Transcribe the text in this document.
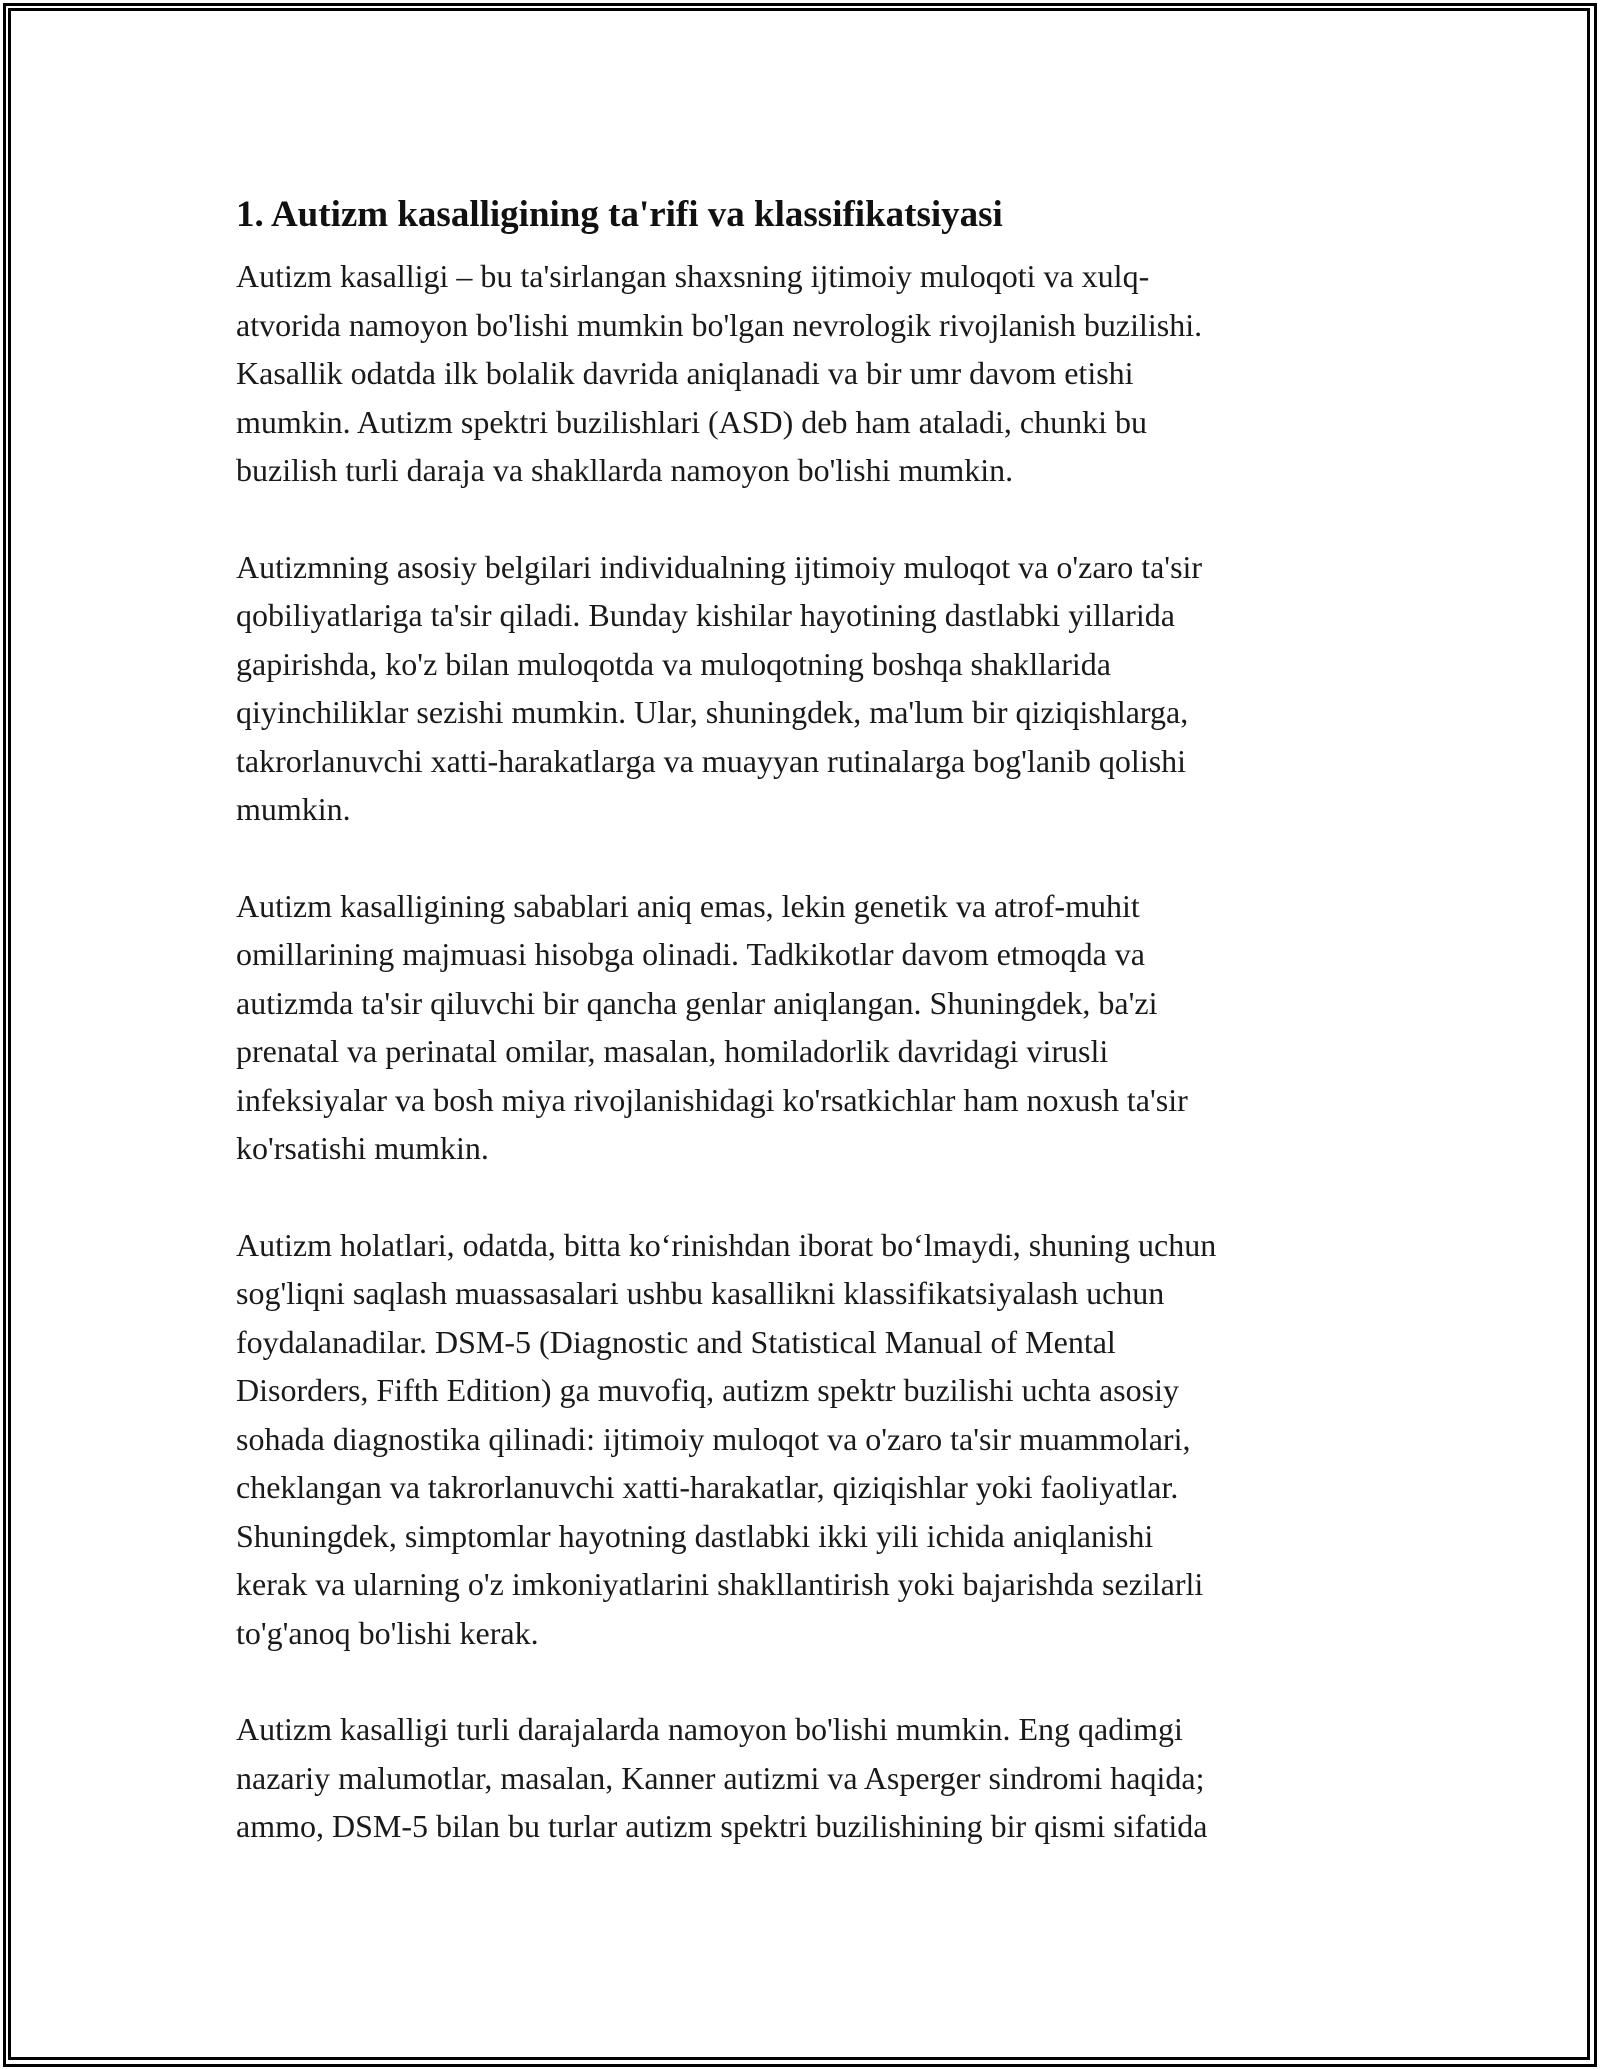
1. Autizm kasalligining ta'rifi va klassifikatsiyasi

Autizm kasalligi – bu ta'sirlangan shaxsning ijtimoiy muloqoti va xulq-
atvorida namoyon bo'lishi mumkin bo'lgan nevrologik rivojlanish buzilishi.
Kasallik odatda ilk bolalik davrida aniqlanadi va bir umr davom etishi
mumkin. Autizm spektri buzilishlari (ASD) deb ham ataladi, chunki bu
buzilish turli daraja va shakllarda namoyon bo'lishi mumkin.

Autizmning asosiy belgilari individualning ijtimoiy muloqot va o'zaro ta'sir
qobiliyatlariga ta'sir qiladi. Bunday kishilar hayotining dastlabki yillarida
gapirishda, ko'z bilan muloqotda va muloqotning boshqa shakllarida
qiyinchiliklar sezishi mumkin. Ular, shuningdek, ma'lum bir qiziqishlarga,
takrorlanuvchi xatti-harakatlarga va muayyan rutinalarga bog'lanib qolishi
mumkin.

Autizm kasalligining sabablari aniq emas, lekin genetik va atrof-muhit
omillarining majmuasi hisobga olinadi. Tadkikotlar davom etmoqda va
autizmda ta'sir qiluvchi bir qancha genlar aniqlangan. Shuningdek, ba'zi
prenatal va perinatal omilar, masalan, homiladorlik davridagi virusli
infeksiyalar va bosh miya rivojlanishidagi ko'rsatkichlar ham noxush ta'sir
ko'rsatishi mumkin.

Autizm holatlari, odatda, bitta ko‘rinishdan iborat bo‘lmaydi, shuning uchun
sog'liqni saqlash muassasalari ushbu kasallikni klassifikatsiyalash uchun
foydalanadilar. DSM-5 (Diagnostic and Statistical Manual of Mental
Disorders, Fifth Edition) ga muvofiq, autizm spektr buzilishi uchta asosiy
sohada diagnostika qilinadi: ijtimoiy muloqot va o'zaro ta'sir muammolari,
cheklangan va takrorlanuvchi xatti-harakatlar, qiziqishlar yoki faoliyatlar.
Shuningdek, simptomlar hayotning dastlabki ikki yili ichida aniqlanishi
kerak va ularning o'z imkoniyatlarini shakllantirish yoki bajarishda sezilarli
to'g'anoq bo'lishi kerak.

Autizm kasalligi turli darajalarda namoyon bo'lishi mumkin. Eng qadimgi
nazariy malumotlar, masalan, Kanner autizmi va Asperger sindromi haqida;
ammo, DSM-5 bilan bu turlar autizm spektri buzilishining bir qismi sifatida
